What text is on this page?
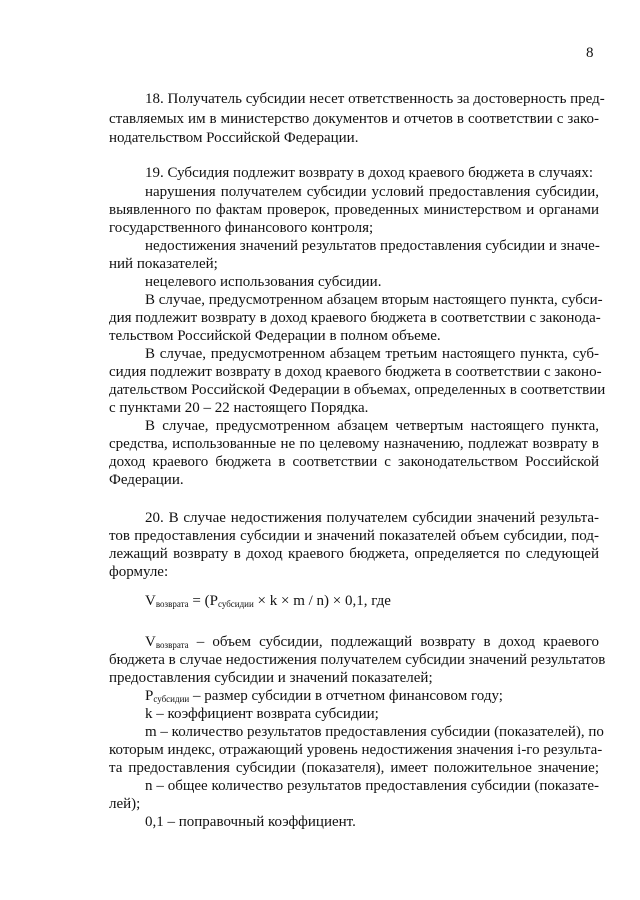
8

18. Получатель субсидии несет ответственность за достоверность пред-

ставляемых им в министерство документов и отчетов в соответствии с зако-

нодательством Российской Федерации.

19. Субсидия подлежит возврату в доход краевого бюджета в случаях:

нарушения получателем субсидии условий предоставления субсидии,

выявленного по фактам проверок, проведенных министерством и органами

государственного финансового контроля;

недостижения значений результатов предоставления субсидии и значе-

ний показателей;

нецелевого использования субсидии.

В случае, предусмотренном абзацем вторым настоящего пункта, субси-

дия подлежит возврату в доход краевого бюджета в соответствии с законода-

тельством Российской Федерации в полном объеме.

В случае, предусмотренном абзацем третьим настоящего пункта, суб-

сидия подлежит возврату в доход краевого бюджета в соответствии с законо-

дательством Российской Федерации в объемах, определенных в соответствии

с пунктами 20 – 22 настоящего Порядка.

В случае, предусмотренном абзацем четвертым настоящего пункта,

средства, использованные не по целевому назначению, подлежат возврату в

доход краевого бюджета в соответствии с законодательством Российской

Федерации.

20. В случае недостижения получателем субсидии значений результа-

тов предоставления субсидии и значений показателей объем субсидии, под-

лежащий возврату в доход краевого бюджета, определяется по следующей

формуле:

$V_{возврата} = (P_{субсидии} \times k \times m / n) \times 0,1$, где

$V_{возврата}$ – объем субсидии, подлежащий возврату в доход краевого

бюджета в случае недостижения получателем субсидии значений результатов

предоставления субсидии и значений показателей;

$P_{субсидии}$ – размер субсидии в отчетном финансовом году;

k – коэффициент возврата субсидии;

m – количество результатов предоставления субсидии (показателей), по

которым индекс, отражающий уровень недостижения значения i-го результа-

та предоставления субсидии (показателя), имеет положительное значение;

n – общее количество результатов предоставления субсидии (показате-

лей);

0,1 – поправочный коэффициент.
